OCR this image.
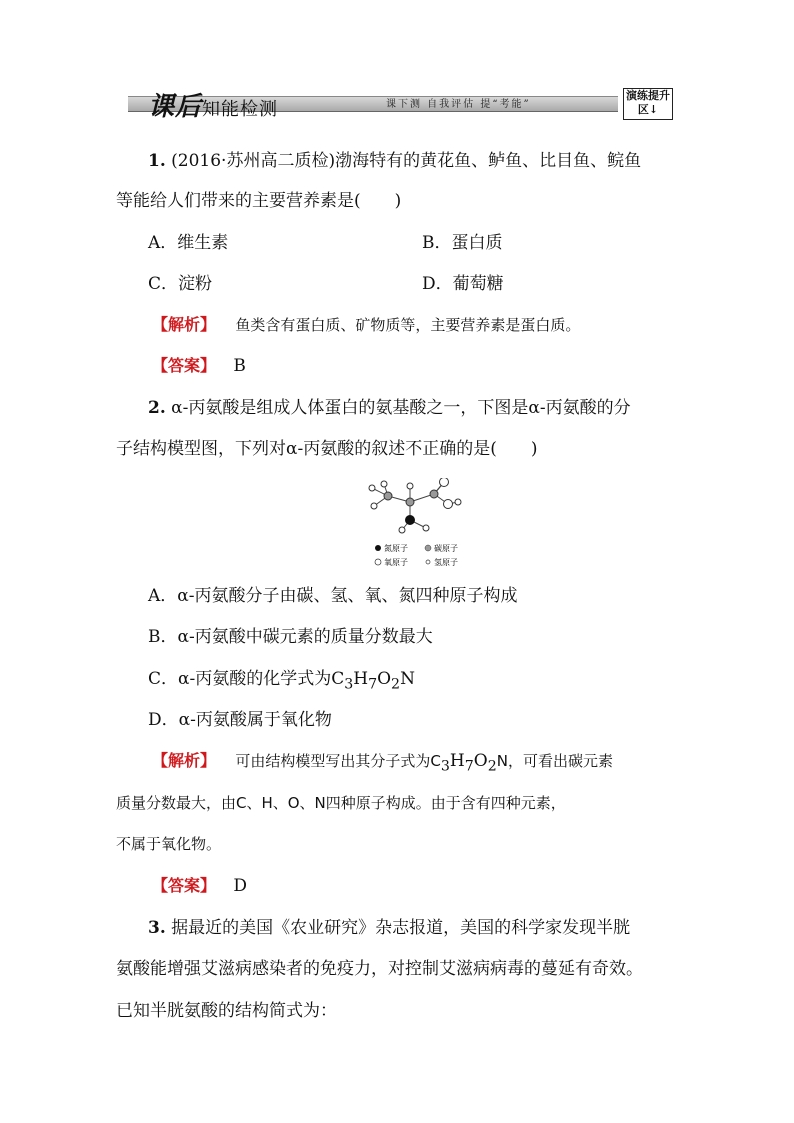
课后知能检测	课下测 自我评估 提“考能”
演练提升区↓
1. (2016·苏州高二质检)渤海特有的黄花鱼、鲈鱼、比目鱼、鲩鱼
等能给人们带来的主要营养素是(　　)
A．维生素	B．蛋白质
C．淀粉	D．葡萄糖
【解析】 鱼类含有蛋白质、矿物质等，主要营养素是蛋白质。
【答案】 B
2. α-丙氨酸是组成人体蛋白的氨基酸之一，下图是α-丙氨酸的分
子结构模型图，下列对α-丙氨酸的叙述不正确的是(　　)
氮原子	碳原子
氧原子	氢原子
A．α-丙氨酸分子由碳、氢、氧、氮四种原子构成
B．α-丙氨酸中碳元素的质量分数最大
C．α-丙氨酸的化学式为$C_3H_7O_2N$
D．α-丙氨酸属于氧化物
【解析】 可由结构模型写出其分子式为$C_3H_7O_2N$，可看出碳元素
质量分数最大，由C、H、O、N四种原子构成。由于含有四种元素，
不属于氧化物。
【答案】 D
3. 据最近的美国《农业研究》杂志报道，美国的科学家发现半胱
氨酸能增强艾滋病感染者的免疫力，对控制艾滋病病毒的蔓延有奇效。
已知半胱氨酸的结构简式为：
